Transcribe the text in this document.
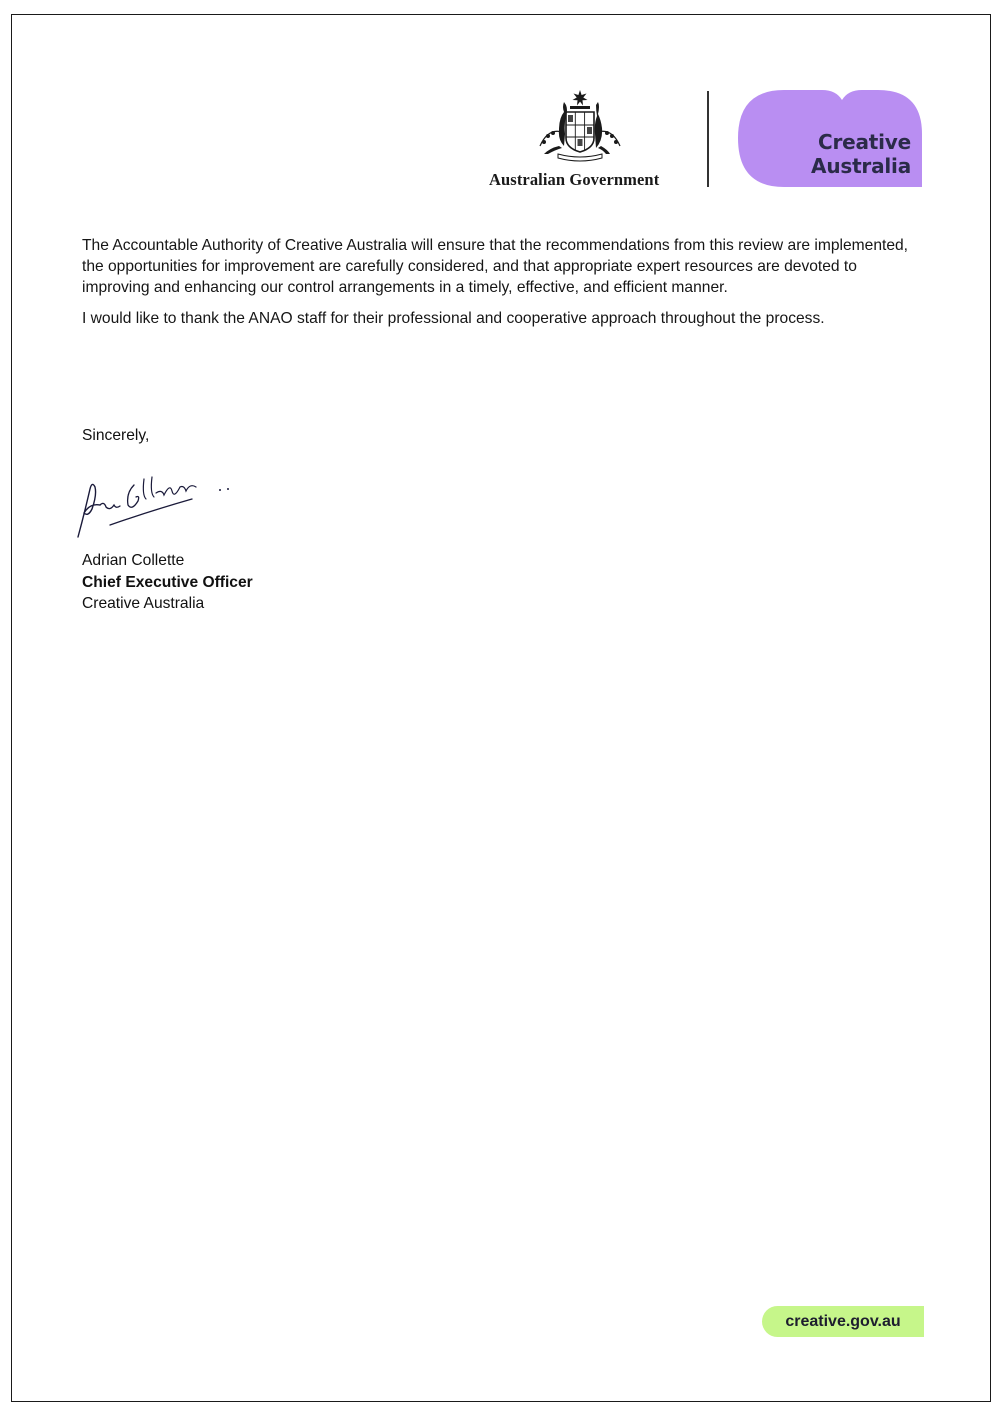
Australian Government
Creative
Australia

The Accountable Authority of Creative Australia will ensure that the recommendations from this review are implemented, the opportunities for improvement are carefully considered, and that appropriate expert resources are devoted to improving and enhancing our control arrangements in a timely, effective, and efficient manner.

I would like to thank the ANAO staff for their professional and cooperative approach throughout the process.

Sincerely,
Adrian Collette
Chief Executive Officer
Creative Australia
creative.gov.au
